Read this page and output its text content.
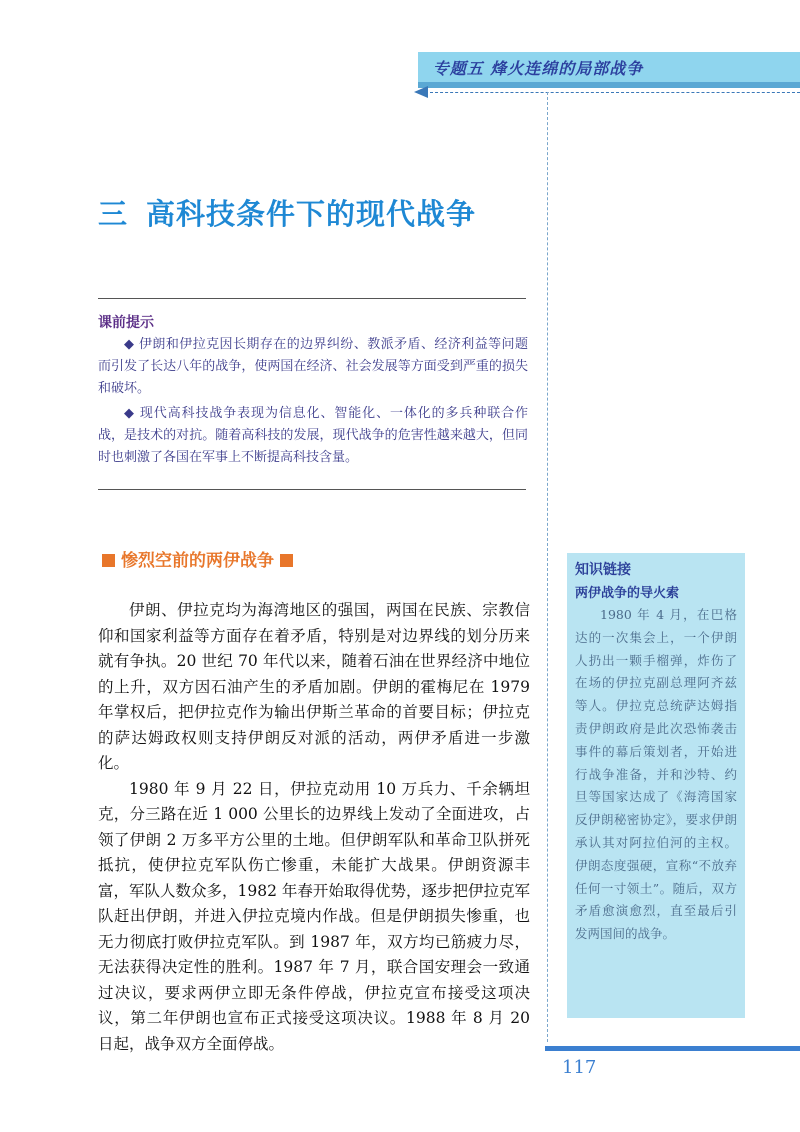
专题五 烽火连绵的局部战争
三 高科技条件下的现代战争
课前提示

◆ 伊朗和伊拉克因长期存在的边界纠纷、教派矛盾、经济利益等问题而引发了长达八年的战争，使两国在经济、社会发展等方面受到严重的损失和破坏。

◆ 现代高科技战争表现为信息化、智能化、一体化的多兵种联合作战，是技术的对抗。随着高科技的发展，现代战争的危害性越来越大，但同时也刺激了各国在军事上不断提高科技含量。

惨烈空前的两伊战争

伊朗、伊拉克均为海湾地区的强国，两国在民族、宗教信仰和国家利益等方面存在着矛盾，特别是对边界线的划分历来就有争执。20 世纪 70 年代以来，随着石油在世界经济中地位的上升，双方因石油产生的矛盾加剧。伊朗的霍梅尼在 1979 年掌权后，把伊拉克作为输出伊斯兰革命的首要目标；伊拉克的萨达姆政权则支持伊朗反对派的活动，两伊矛盾进一步激化。

1980 年 9 月 22 日，伊拉克动用 10 万兵力、千余辆坦克，分三路在近 1 000 公里长的边界线上发动了全面进攻，占领了伊朗 2 万多平方公里的土地。但伊朗军队和革命卫队拼死抵抗，使伊拉克军队伤亡惨重，未能扩大战果。伊朗资源丰富，军队人数众多，1982 年春开始取得优势，逐步把伊拉克军队赶出伊朗，并进入伊拉克境内作战。但是伊朗损失惨重，也无力彻底打败伊拉克军队。到 1987 年，双方均已筋疲力尽，无法获得决定性的胜利。1987 年 7 月，联合国安理会一致通过决议，要求两伊立即无条件停战，伊拉克宣布接受这项决议，第二年伊朗也宣布正式接受这项决议。1988 年 8 月 20 日起，战争双方全面停战。

知识链接
两伊战争的导火索

1980 年 4 月，在巴格达的一次集会上，一个伊朗人扔出一颗手榴弹，炸伤了在场的伊拉克副总理阿齐兹等人。伊拉克总统萨达姆指责伊朗政府是此次恐怖袭击事件的幕后策划者，开始进行战争准备，并和沙特、约旦等国家达成了《海湾国家反伊朗秘密协定》，要求伊朗承认其对阿拉伯河的主权。伊朗态度强硬，宣称“不放弃任何一寸领土”。随后，双方矛盾愈演愈烈，直至最后引发两国间的战争。

117
